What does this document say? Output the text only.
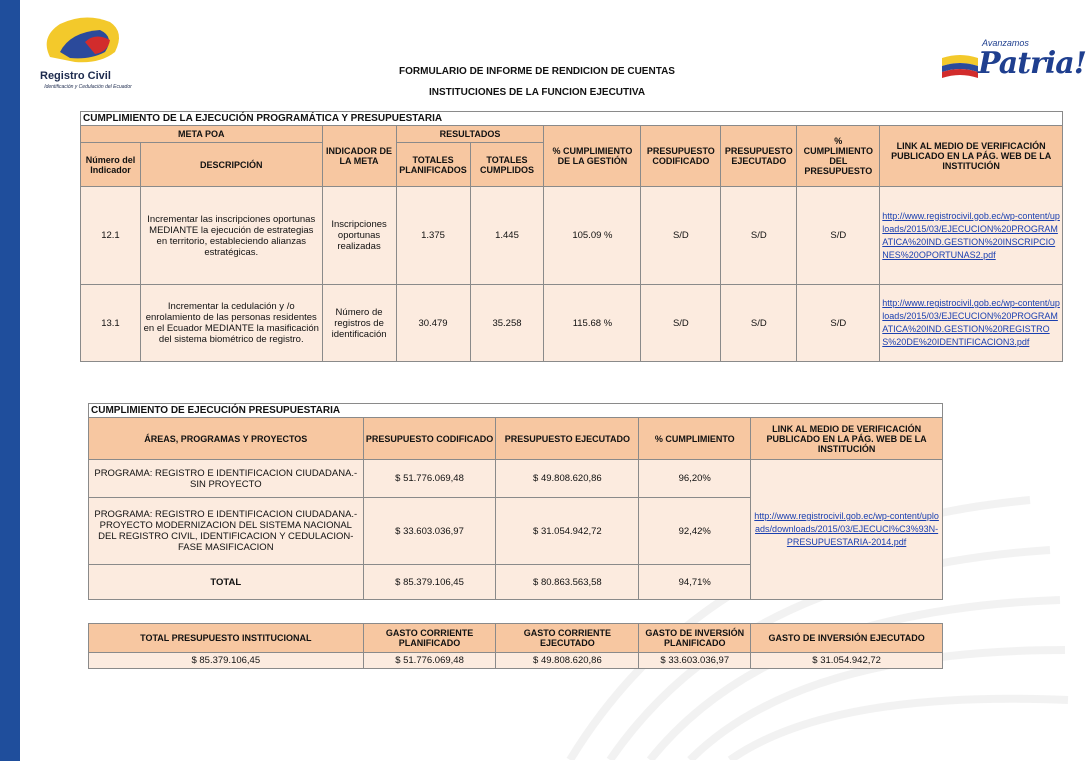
Registro Civil
Identificación y Cedulación del Ecuador
Avanzamos
Patria!
FORMULARIO DE INFORME DE RENDICION DE CUENTAS
INSTITUCIONES DE LA FUNCION EJECUTIVA
CUMPLIMIENTO DE LA EJECUCIÓN PROGRAMÁTICA Y PRESUPUESTARIA									
META POA		INDICADOR DE LA META	RESULTADOS		% CUMPLIMIENTO DE LA GESTIÓN	PRESUPUESTO CODIFICADO	PRESUPUESTO EJECUTADO	% CUMPLIMIENTO DEL PRESUPUESTO	LINK AL MEDIO DE VERIFICACIÓN PUBLICADO EN LA PÁG. WEB DE LA INSTITUCIÓN
Número del Indicador	DESCRIPCIÓN		TOTALES PLANIFICADOS	TOTALES CUMPLIDOS					
12.1	Incrementar las inscripciones oportunas MEDIANTE la ejecución de estrategias en territorio, estableciendo alianzas estratégicas.	Inscripciones oportunas realizadas	1.375	1.445	105.09 %	S/D	S/D	S/D	http://www.registrocivil.gob.ec/wp-content/uploads/2015/03/EJECUCION%20PROGRAMATICA%20IND.GESTION%20INSCRIPCIONES%20OPORTUNAS2.pdf
13.1	Incrementar la cedulación y /o enrolamiento de las personas residentes en el Ecuador MEDIANTE la masificación del sistema biométrico de registro.	Número de registros de identificación	30.479	35.258	115.68 %	S/D	S/D	S/D	http://www.registrocivil.gob.ec/wp-content/uploads/2015/03/EJECUCION%20PROGRAMATICA%20IND.GESTION%20REGISTROS%20DE%20IDENTIFICACION3.pdf
CUMPLIMIENTO DE EJECUCIÓN PRESUPUESTARIA				
ÁREAS, PROGRAMAS Y PROYECTOS	PRESUPUESTO CODIFICADO	PRESUPUESTO EJECUTADO	% CUMPLIMIENTO	LINK AL MEDIO DE VERIFICACIÓN PUBLICADO EN LA PÁG. WEB DE LA INSTITUCIÓN
PROGRAMA: REGISTRO E IDENTIFICACION CIUDADANA.- SIN PROYECTO	$ 51.776.069,48	$ 49.808.620,86	96,20%	http://www.registrocivil.gob.ec/wp-content/uploads/downloads/2015/03/EJECUCI%C3%93N-PRESUPUESTARIA-2014.pdf
PROGRAMA: REGISTRO E IDENTIFICACION CIUDADANA.- PROYECTO MODERNIZACION DEL SISTEMA NACIONAL DEL REGISTRO CIVIL, IDENTIFICACION Y CEDULACION- FASE MASIFICACION	$ 33.603.036,97	$ 31.054.942,72	92,42%	
TOTAL	$ 85.379.106,45	$ 80.863.563,58	94,71%	
TOTAL PRESUPUESTO INSTITUCIONAL	GASTO CORRIENTE PLANIFICADO	GASTO CORRIENTE EJECUTADO	GASTO DE INVERSIÓN PLANIFICADO	GASTO DE INVERSIÓN EJECUTADO
$ 85.379.106,45	$ 51.776.069,48	$ 49.808.620,86	$ 33.603.036,97	$ 31.054.942,72
